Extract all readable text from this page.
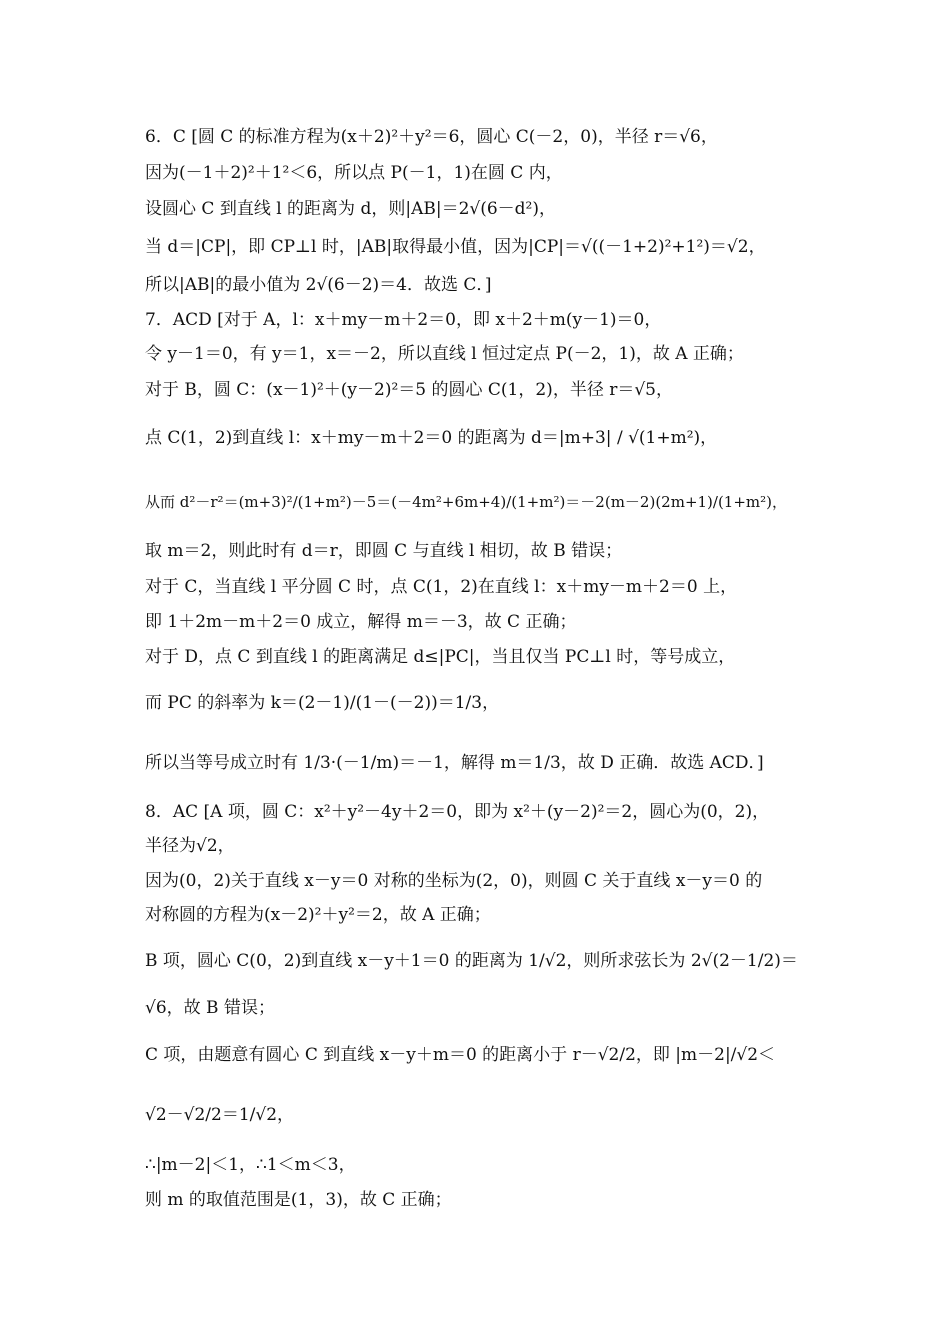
6．C [圆 C 的标准方程为(x＋2)²＋y²＝6，圆心 C(－2，0)，半径 r＝√6，
因为(－1＋2)²＋1²＜6，所以点 P(－1，1)在圆 C 内，
设圆心 C 到直线 l 的距离为 d，则|AB|＝2√(6－d²)，
当 d＝|CP|，即 CP⊥l 时，|AB|取得最小值，因为|CP|＝√((－1+2)²+1²)＝√2，
所以|AB|的最小值为 2√(6－2)＝4．故选 C．]
7．ACD [对于 A，l：x＋my－m＋2＝0，即 x＋2＋m(y－1)＝0，
令 y－1＝0，有 y＝1，x＝－2，所以直线 l 恒过定点 P(－2，1)，故 A 正确；
对于 B，圆 C：(x－1)²＋(y－2)²＝5 的圆心 C(1，2)，半径 r＝√5，
点 C(1，2)到直线 l：x＋my－m＋2＝0 的距离为 d＝|m+3| / √(1+m²)，
从而 d²－r²＝(m+3)²/(1+m²)－5＝(－4m²+6m+4)/(1+m²)＝－2(m－2)(2m+1)/(1+m²)，
取 m＝2，则此时有 d＝r，即圆 C 与直线 l 相切，故 B 错误；
对于 C，当直线 l 平分圆 C 时，点 C(1，2)在直线 l：x＋my－m＋2＝0 上，
即 1＋2m－m＋2＝0 成立，解得 m＝－3，故 C 正确；
对于 D，点 C 到直线 l 的距离满足 d≤|PC|，当且仅当 PC⊥l 时，等号成立，
而 PC 的斜率为 k＝(2－1)/(1－(－2))＝1/3，
所以当等号成立时有 1/3·(－1/m)＝－1，解得 m＝1/3，故 D 正确．故选 ACD．]
8．AC [A 项，圆 C：x²＋y²－4y＋2＝0，即为 x²＋(y－2)²＝2，圆心为(0，2)，
半径为√2，
因为(0，2)关于直线 x－y＝0 对称的坐标为(2，0)，则圆 C 关于直线 x－y＝0 的
对称圆的方程为(x－2)²＋y²＝2，故 A 正确；
B 项，圆心 C(0，2)到直线 x－y＋1＝0 的距离为 1/√2，则所求弦长为 2√(2－1/2)＝
√6，故 B 错误；
C 项，由题意有圆心 C 到直线 x－y＋m＝0 的距离小于 r－√2/2，即 |m－2|/√2＜
√2－√2/2＝1/√2，
∴|m－2|＜1，∴1＜m＜3，
则 m 的取值范围是(1，3)，故 C 正确；
